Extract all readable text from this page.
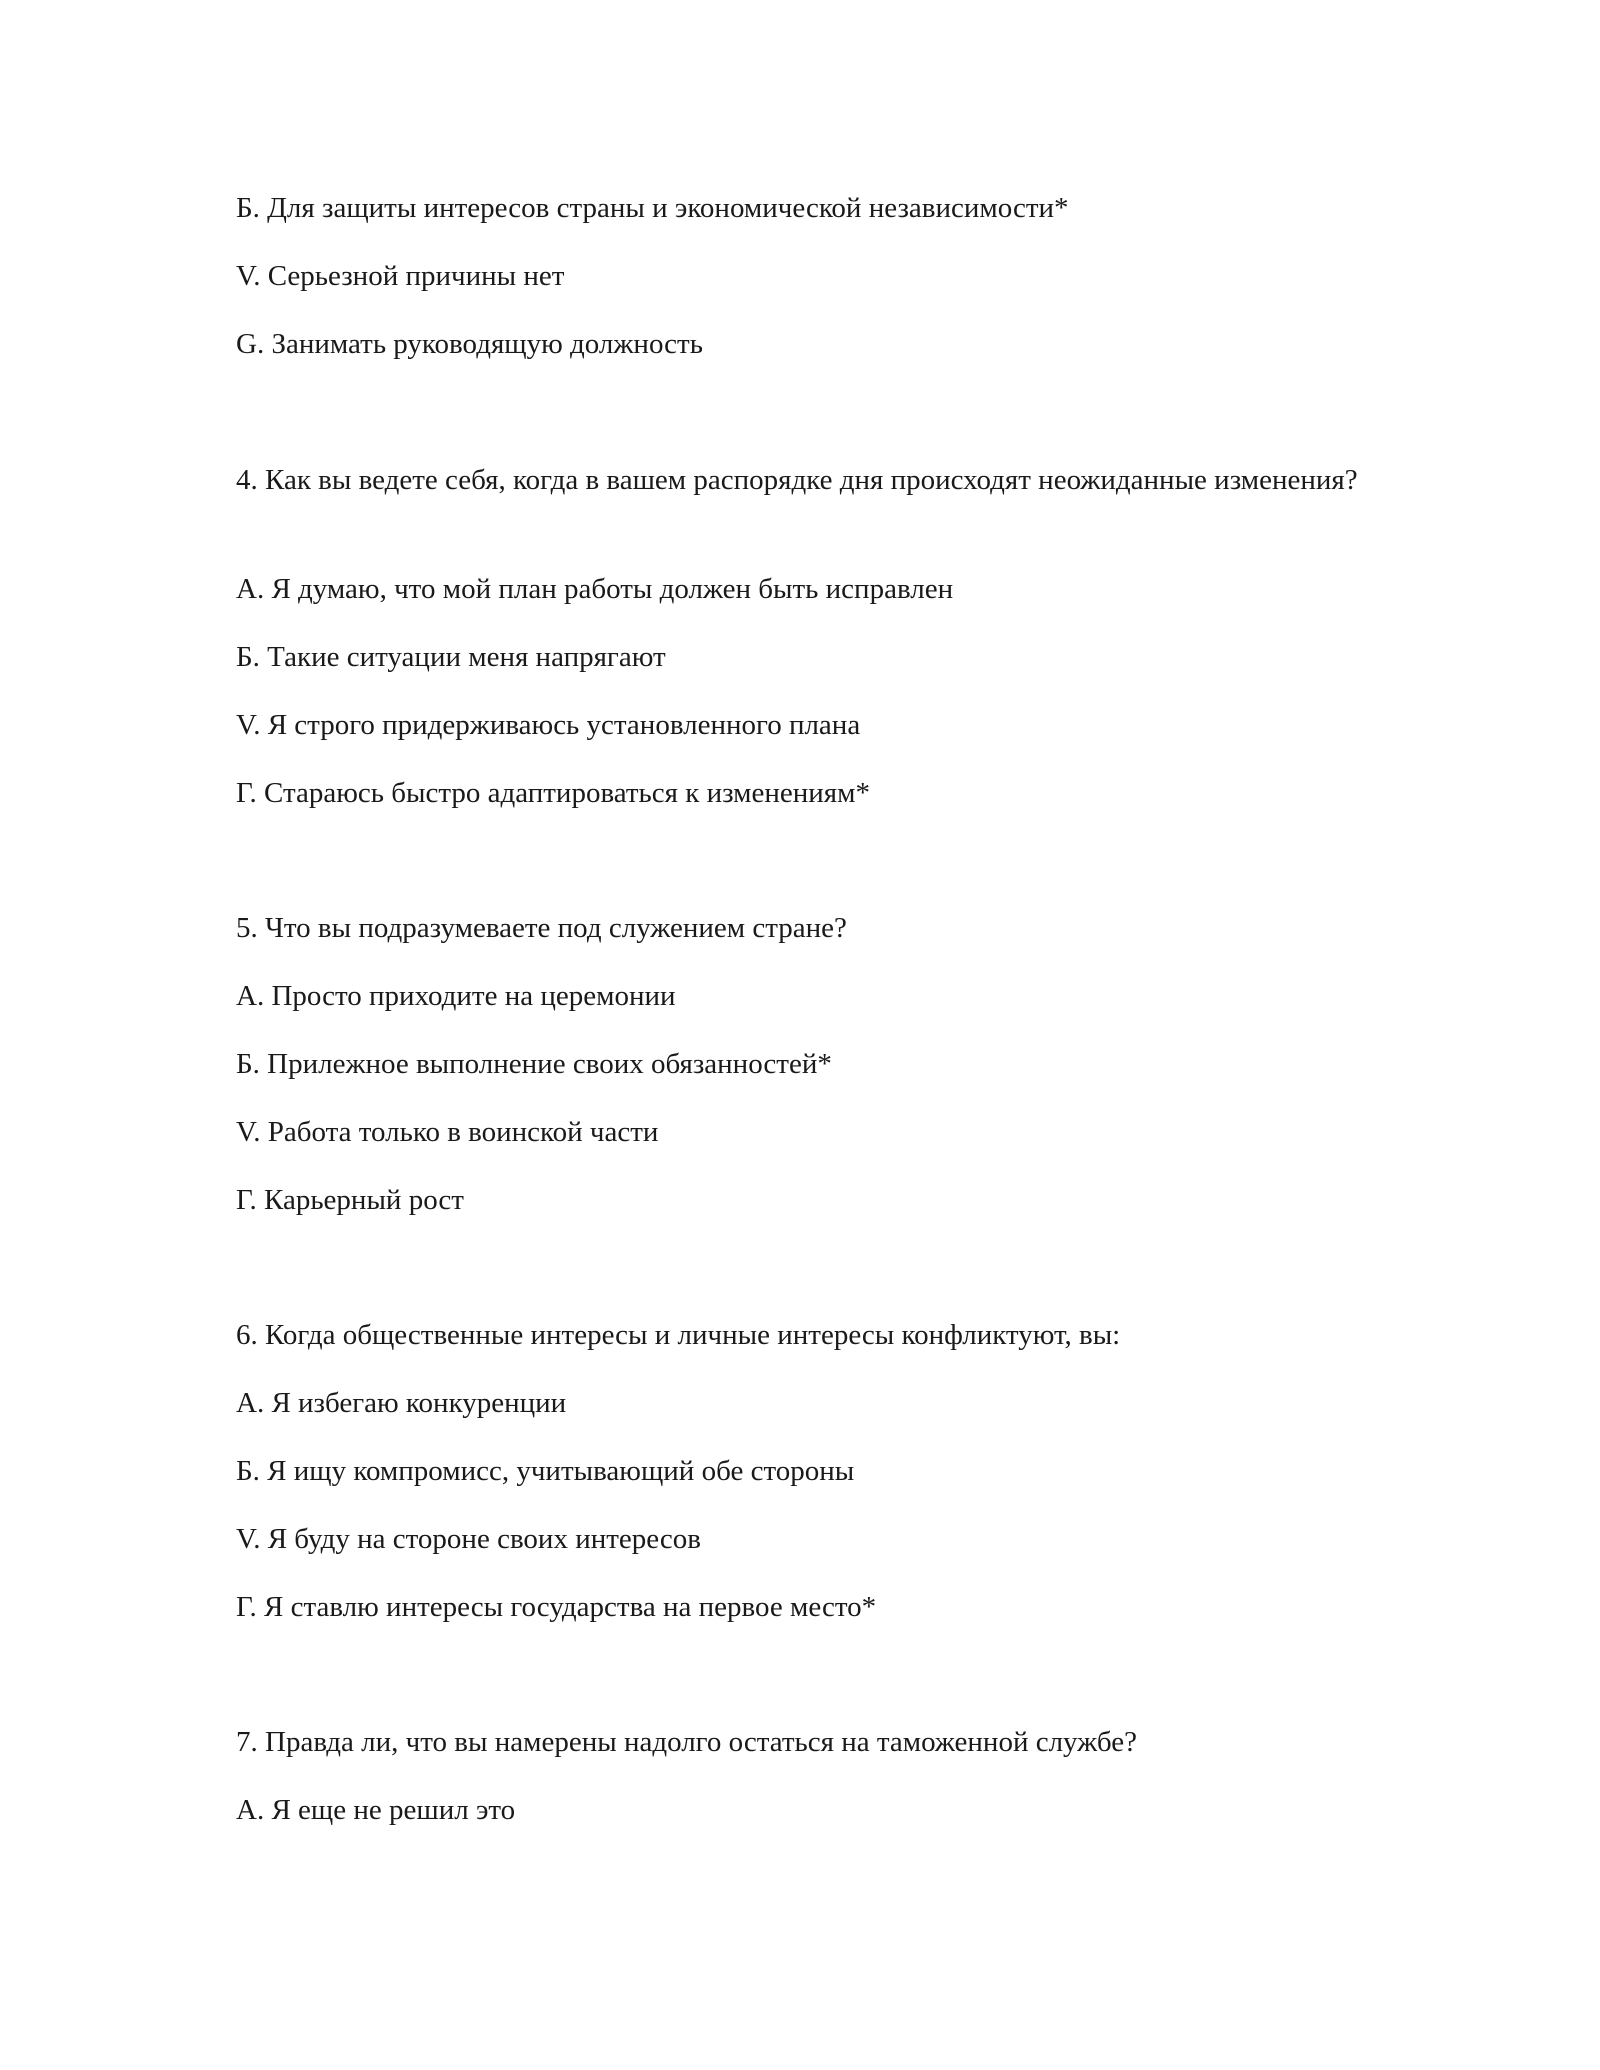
Б. Для защиты интересов страны и экономической независимости*
V. Серьезной причины нет
G. Занимать руководящую должность
4. Как вы ведете себя, когда в вашем распорядке дня происходят неожиданные изменения?
A. Я думаю, что мой план работы должен быть исправлен
Б. Такие ситуации меня напрягают
V. Я строго придерживаюсь установленного плана
Г. Стараюсь быстро адаптироваться к изменениям*
5. Что вы подразумеваете под служением стране?
A. Просто приходите на церемонии
Б. Прилежное выполнение своих обязанностей*
V. Работа только в воинской части
Г. Карьерный рост
6. Когда общественные интересы и личные интересы конфликтуют, вы:
A. Я избегаю конкуренции
Б. Я ищу компромисс, учитывающий обе стороны
V. Я буду на стороне своих интересов
Г. Я ставлю интересы государства на первое место*
7. Правда ли, что вы намерены надолго остаться на таможенной службе?
A. Я еще не решил это
